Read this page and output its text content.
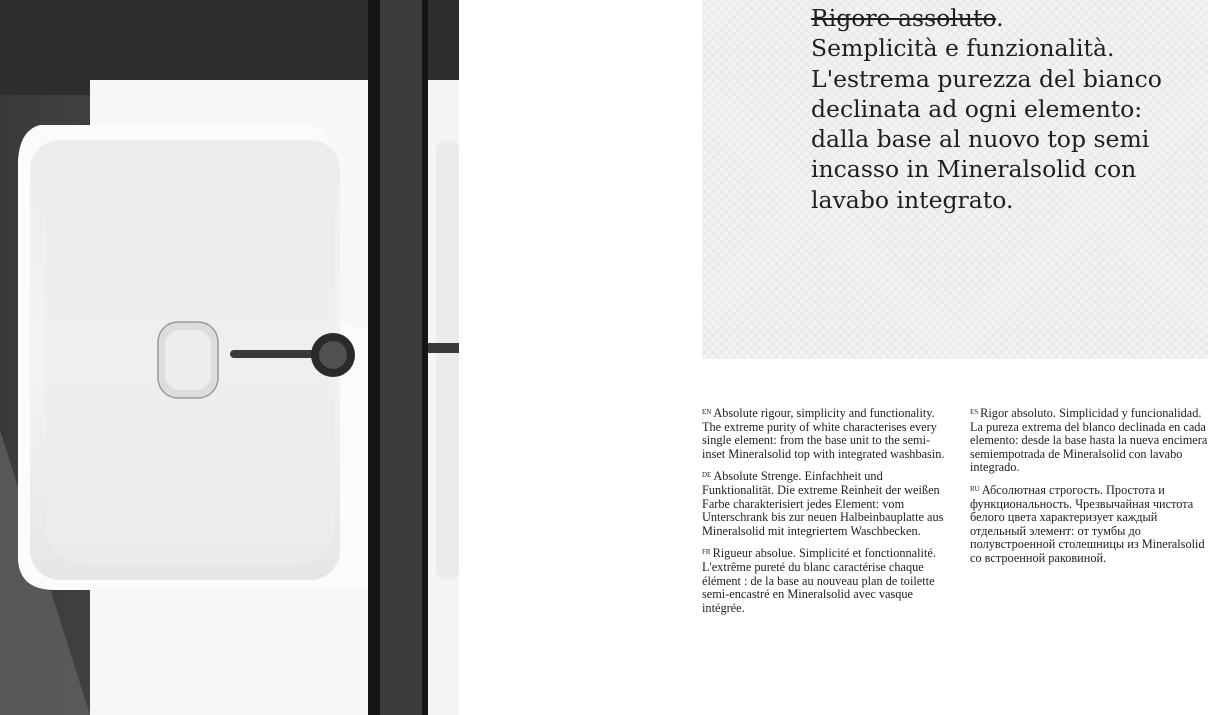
Rigore assoluto.
Semplicità e funzionalità. L'estrema purezza del bianco declinata ad ogni elemento: dalla base al nuovo top semi incasso in Mineralsolid con lavabo integrato.

$^{EN}$ Absolute rigour, simplicity and functionality. The extreme purity of white characterises every single element: from the base unit to the semi-inset Mineralsolid top with integrated washbasin.

$^{DE}$ Absolute Strenge. Einfachheit und Funktionalität. Die extreme Reinheit der weißen Farbe charakterisiert jedes Element: vom Unterschrank bis zur neuen Halbeinbauplatte aus Mineralsolid mit integriertem Waschbecken.

$^{FR}$ Rigueur absolue. Simplicité et fonctionnalité. L'extrême pureté du blanc caractérise chaque élément : de la base au nouveau plan de toilette semi-encastré en Mineralsolid avec vasque intégrée.

$^{ES}$ Rigor absoluto. Simplicidad y funcionalidad. La pureza extrema del blanco declinada en cada elemento: desde la base hasta la nueva encimera semiempotrada de Mineralsolid con lavabo integrado.

$^{RU}$ Абсолютная строгость. Простота и функциональность. Чрезвычайная чистота белого цвета характеризует каждый отдельный элемент: от тумбы до полувстроенной столешницы из Mineralsolid со встроенной раковиной.
